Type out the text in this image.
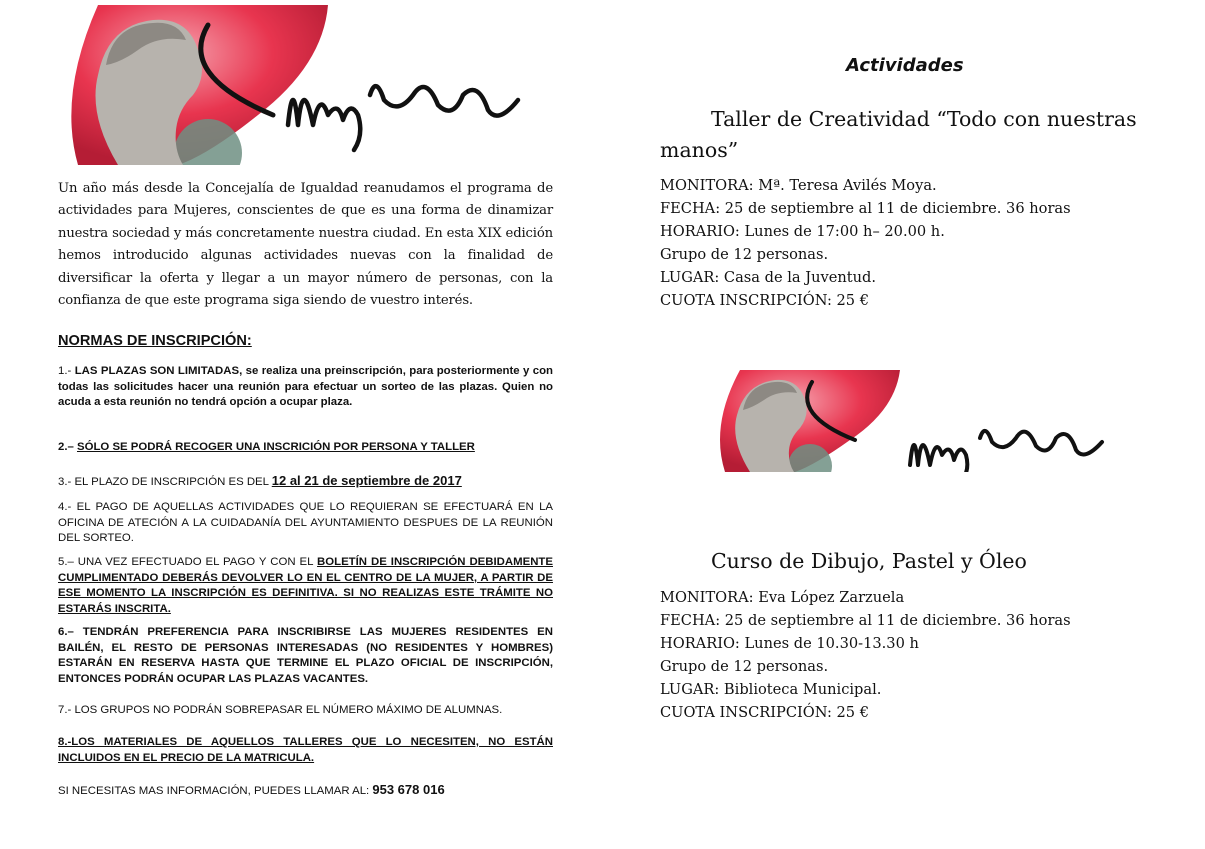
Un año más desde la Concejalía de Igualdad reanudamos el programa de actividades para Mujeres, conscientes de que es una forma de dinamizar nuestra sociedad y más concretamente nuestra ciudad. En esta XIX edición hemos introducido algunas actividades nuevas con la finalidad de diversificar la oferta y llegar a un mayor número de personas, con la confianza de que este programa siga siendo de vuestro interés.

NORMAS DE INSCRIPCIÓN:

1.- LAS PLAZAS SON LIMITADAS, se realiza una preinscripción, para posteriormente y con todas las solicitudes hacer una reunión para efectuar un sorteo de las plazas. Quien no acuda a esta reunión no tendrá opción a ocupar plaza.

2.– SÓLO SE PODRÁ RECOGER UNA INSCRICIÓN POR PERSONA Y TALLER

3.- EL PLAZO DE INSCRIPCIÓN ES DEL 12 al 21 de septiembre de 2017

4.- EL PAGO DE AQUELLAS ACTIVIDADES QUE LO REQUIERAN SE EFECTUARÁ EN LA OFICINA DE ATECIÓN A LA CUIDADANÍA DEL AYUNTAMIENTO DESPUES DE LA REUNIÓN DEL SORTEO.

5.– UNA VEZ EFECTUADO EL PAGO Y CON EL BOLETÍN DE INSCRIPCIÓN DEBIDAMENTE CUMPLIMENTADO DEBERÁS DEVOLVER LO EN EL CENTRO DE LA MUJER, A PARTIR DE ESE MOMENTO LA INSCRIPCIÓN ES DEFINITIVA. SI NO REALIZAS ESTE TRÁMITE NO ESTARÁS INSCRITA.

6.– TENDRÁN PREFERENCIA PARA INSCRIBIRSE LAS MUJERES RESIDENTES EN BAILÉN, EL RESTO DE PERSONAS INTERESADAS (NO RESIDENTES Y HOMBRES) ESTARÁN EN RESERVA HASTA QUE TERMINE EL PLAZO OFICIAL DE INSCRIPCIÓN, ENTONCES PODRÁN OCUPAR LAS PLAZAS VACANTES.

7.- LOS GRUPOS NO PODRÁN SOBREPASAR EL NÚMERO MÁXIMO DE ALUMNAS.

8.-LOS MATERIALES DE AQUELLOS TALLERES QUE LO NECESITEN, NO ESTÁN INCLUIDOS EN EL PRECIO DE LA MATRICULA.

SI NECESITAS MAS INFORMACIÓN, PUEDES LLAMAR AL: 953 678 016

Actividades

Taller de Creatividad “Todo con nuestras

manos”

MONITORA: Mª. Teresa Avilés Moya.

FECHA: 25 de septiembre al 11 de diciembre. 36 horas

HORARIO: Lunes de 17:00 h– 20.00 h.

Grupo de 12 personas.

LUGAR: Casa de la Juventud.

CUOTA INSCRIPCIÓN: 25 €

Curso de Dibujo, Pastel y Óleo

MONITORA: Eva López Zarzuela

FECHA: 25 de septiembre al 11 de diciembre. 36 horas

HORARIO: Lunes de 10.30-13.30 h

Grupo de 12 personas.

LUGAR: Biblioteca Municipal.

CUOTA INSCRIPCIÓN: 25 €
